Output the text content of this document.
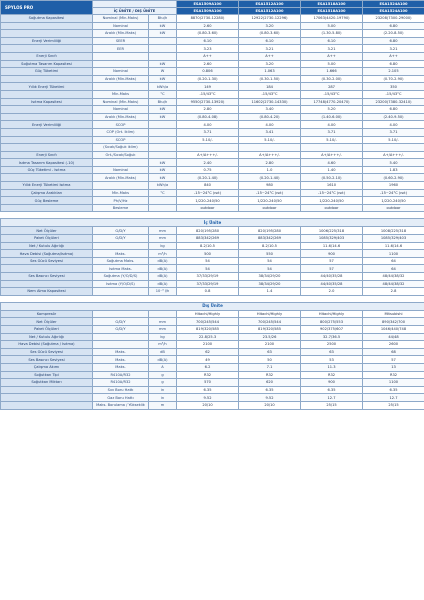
SPYLOS PRO			ESA1509A100	ESA1512A100	ESA1518A100	ESA1524A100
	İÇ ÜNİTE / DIŞ ÜNİTE		ESA1509A100	ESA1512A100	ESA1518A100	ESA1524A100
Soğutma Kapasitesi	Nominal (Min-Maks)	Btu/h	8870(2730-12280)	12922(2730-12296)	17063(4420-19790)	23208(7300-29000)
	Nominal	kW	2.60	3.20	5.00	6.80
	Aralık (Min-Maks)	kW	(0.80-3.60)	(0.80-3.60)	(1.30-5.80)	(2.20-8.50)
Enerji Verimliliği	SEER		6.10	6.10	6.10	6.80
	EER		3.23	3.21	3.21	3.21
Enerji Sınıfı			A++	A++	A++	A++
Soğutma Tasarım Kapasitesi		kW	2.60	3.20	5.00	6.80
Güç Tüketimi	Nominal	W	0.806	1.063	1.666	2.105
	Aralık (Min-Maks)	kW	(0.20-1.30)	(0.30-1.50)	(0.30-2.00)	(0.70-2.90)
Yıllık Enerji Tüketimi		kWh/a	149	184	287	350
	Min-Maks	°C	-15/43°C	-15/43°C	-15/43°C	-15/43°C
Isıtma Kapasitesi	Nominal (Min-Maks)	Btu/h	9550(2730-13920)	11602(2730-14330)	17748(4770-20470)	23200(7380-32410)
	Nominal	kW	2.80	3.40	5.20	6.80
	Aralık (Min-Maks)	kW	(0.80-4.08)	(0.80-4.20)	(1.40-6.00)	(2.40-9.50)
Enerji Verimliliği	SCOP		4.00	4.00	4.00	4.00
	COP (Ort. Iklim)		3.71	3.41	3.71	3.71
	SCOP		5.10/-	5.10/-	5.10/-	5.10/-
	(Sıcak/Soğuk iklim)					
Enerji Sınıfı	Ort./Sıcak/Soğuk		A+/A+++/-	A+/A+++/-	A+/A+++/-	A+/A+++/-
Isıtma Tasarım Kapasitesi (-10)		kW	2.40	2.80	4.60	5.40
Güç Tüketimi - Isıtma	Nominal	kW	0.75	1.0	1.40	1.83
	Aralık (Min-Maks)	kW	(0.20-1.40)	(0.20-1.40)	(0.50-2.10)	(0.60-2.90)
Yıllık Enerji Tüketimi Isıtma		kWh/a	840	980	1610	1960
Çalışma Aralıkları	Min-Maks	°C	-15~24°C (ısıt)	-15~24°C (ısıt)	-15~24°C (ısıt)	-15~24°C (ısıt)
Güç Besleme	Ph/V/Hz		1/220-240/50	1/220-240/50	1/220-240/50	1/220-240/50
	Besleme		outdoor	outdoor	outdoor	outdoor

İç Ünite						
Net Ölçüler	G/D/Y	mm	820/195/280	820/195/280	1006/225/318	1008/225/318
Paket Ölçüleri	G/D/Y	mm	883/342/269	883/342/269	1085/329/403	1085/329/403
Net / Kutulu Ağırlığı		kg	8.2/10.5	8.2/10.5	11.6/14.6	11.6/14.6
Hava Debisi (Soğutma/Isıtma)	Maks.	m³/h	500	550	900	1100
Ses Gücü Seviyesi	Soğutma Maks.	dB(A)	54	54	57	64
	Isıtma Maks.	dB(A)	54	54	57	64
Ses Basıncı Seviyesi	Soğutma (Y/O/D/S)	dB(A)	37/33/29/19	38/34/29/20	44/40/35/28	48/44/38/32
	Isıtma (Y/O/D/S)	dB(A)	37/33/29/19	38/34/29/20	44/40/35/28	48/44/38/32
Nem Alma Kapasitesi		10⁻³ l/h	0.8	1.4	2.0	2.8

Dış Ünite						
Kompresör			Hitachi/Highly	Hitachi/Highly	Hitachi/Highly	Mitsubishi
Net Ölçüler	G/D/Y	mm	700/245/544	700/245/544	800/275/553	890/342/700
Paket Ölçüleri	G/D/Y	mm	819/320/585	819/320/585	902/375/607	1046/440/748
Net / Kutulu Ağırlığı		kg	22.8/25.3	23.5/26	32.7/36.5	44/48
Hava Debisi (Soğutma / Isıtma)		m³/h	2100	2100	2500	2600
Ses Gücü Seviyesi	Maks.	dB	62	63	63	68
Ses Basıncı Seviyesi	Maks.	dB(A)	49	50	53	57
Çalışma Akımı	Maks.	A	6.2	7.1	11.3	13
Soğutkan Tipi	R410A/R32	g	R32	R32	R32	R32
Soğutkan Miktarı	R410A/R32	g	570	620	900	1100
	Sıvı Boru Hattı	in	6.35	6.35	6.35	6.35
	Gaz Boru Hattı	in	9.52	9.52	12.7	12.7
	Maks. Borulama / Yükseklik	m	20/10	20/10	25/15	25/15
